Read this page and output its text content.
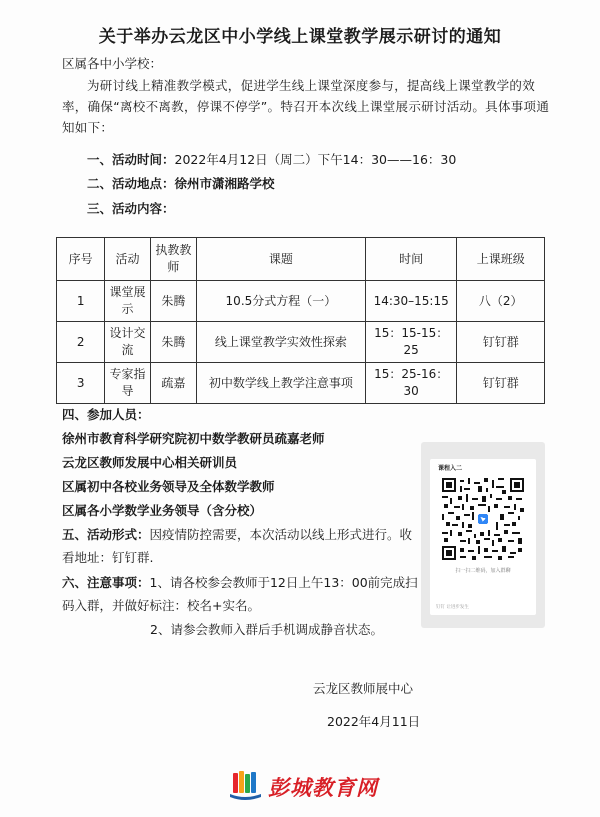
关于举办云龙区中小学线上课堂教学展示研讨的通知
区属各中小学校：
为研讨线上精准教学模式，促进学生线上课堂深度参与，提高线上课堂教学的效率，确保“离校不离教，停课不停学”。特召开本次线上课堂展示研讨活动。具体事项通知如下：
一、活动时间：2022年4月12日（周二）下午14：30——16：30
二、活动地点：徐州市潇湘路学校
三、活动内容：
序号	活动	执教教师	课题	时间	上课班级
1	课堂展示	朱腾	10.5分式方程（一）	14:30–15:15	八（2）
2	设计交流	朱腾	线上课堂教学实效性探索	15：15-15：25	钉钉群
3	专家指导	疏嘉	初中数学线上教学注意事项	15：25-16：30	钉钉群
四、参加人员：
徐州市教育科学研究院初中数学教研员疏嘉老师
云龙区教师发展中心相关研训员
区属初中各校业务领导及全体数学教师
区属各小学数学业务领导（含分校）
五、活动形式：因疫情防控需要，本次活动以线上形式进行。收
看地址：钉钉群.
六、注意事项：1、请各校参会教师于12日上午13：00前完成扫
码入群，并做好标注：校名+实名。
2、请参会教师入群后手机调成静音状态。
课程入二
扫一扫二维码，加入群聊
钉钉 让进步发生
云龙区教师展中心
2022年4月11日
彭城教育网
